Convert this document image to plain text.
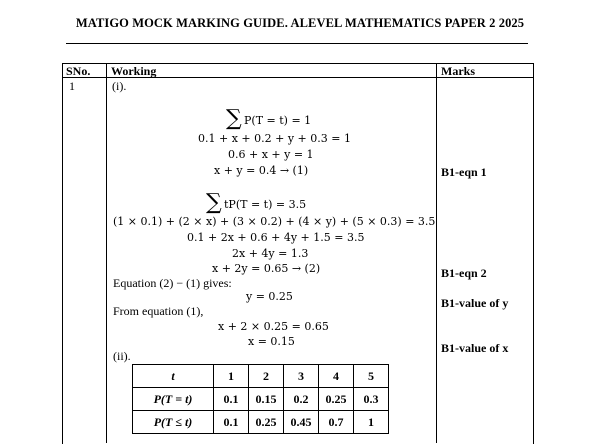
MATIGO MOCK MARKING GUIDE. ALEVEL MATHEMATICS PAPER 2 2025
SNo. Working	Marks
1	(i).
∑ P(T = t) = 1
0.1 + x + 0.2 + y + 0.3 = 1
0.6 + x + y = 1
x + y = 0.4 → (1)	B1-eqn 1
∑ tP(T = t) = 3.5
(1 × 0.1) + (2 × x) + (3 × 0.2) + (4 × y) + (5 × 0.3) = 3.5
0.1 + 2x + 0.6 + 4y + 1.5 = 3.5
2x + 4y = 1.3
x + 2y = 0.65 → (2)	B1-eqn 2
Equation (2) − (1) gives:
y = 0.25	B1-value of y
From equation (1),
x + 2 × 0.25 = 0.65
x = 0.15	B1-value of x
(ii).
t	1	2	3	4	5
P(T = t)	0.1	0.15	0.2	0.25	0.3
P(T ≤ t)	0.1	0.25	0.45	0.7	1
